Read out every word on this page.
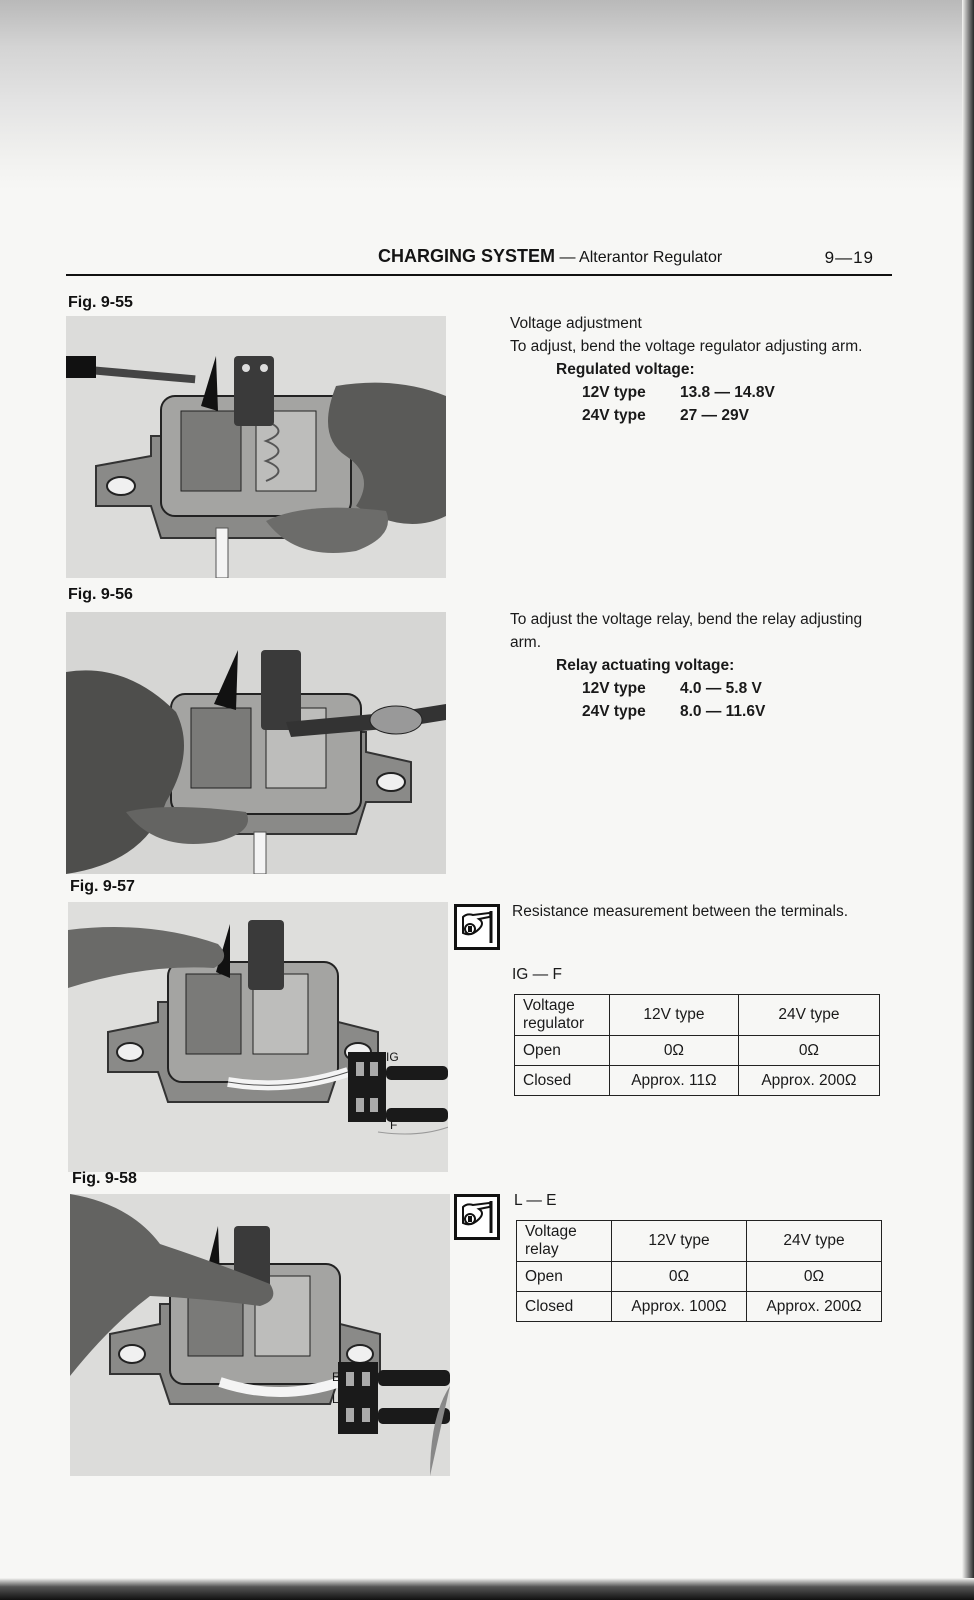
CHARGING SYSTEM — Alterantor Regulator	9—19
Fig. 9-55
Voltage adjustment
To adjust, bend the voltage regulator adjusting arm.
Regulated voltage:
12V type 13.8 — 14.8V
24V type 27 — 29V
Fig. 9-56
To adjust the voltage relay, bend the relay adjusting arm.
Relay actuating voltage:
12V type 4.0 — 5.8 V
24V type 8.0 — 11.6V
Fig. 9-57
IG
F
Resistance measurement between the terminals.
IG — F
Voltage regulator	12V type	24V type
Open	0Ω	0Ω
Closed	Approx. 11Ω	Approx. 200Ω
Fig. 9-58
E
L
L — E
Voltage relay	12V type	24V type
Open	0Ω	0Ω
Closed	Approx. 100Ω	Approx. 200Ω
